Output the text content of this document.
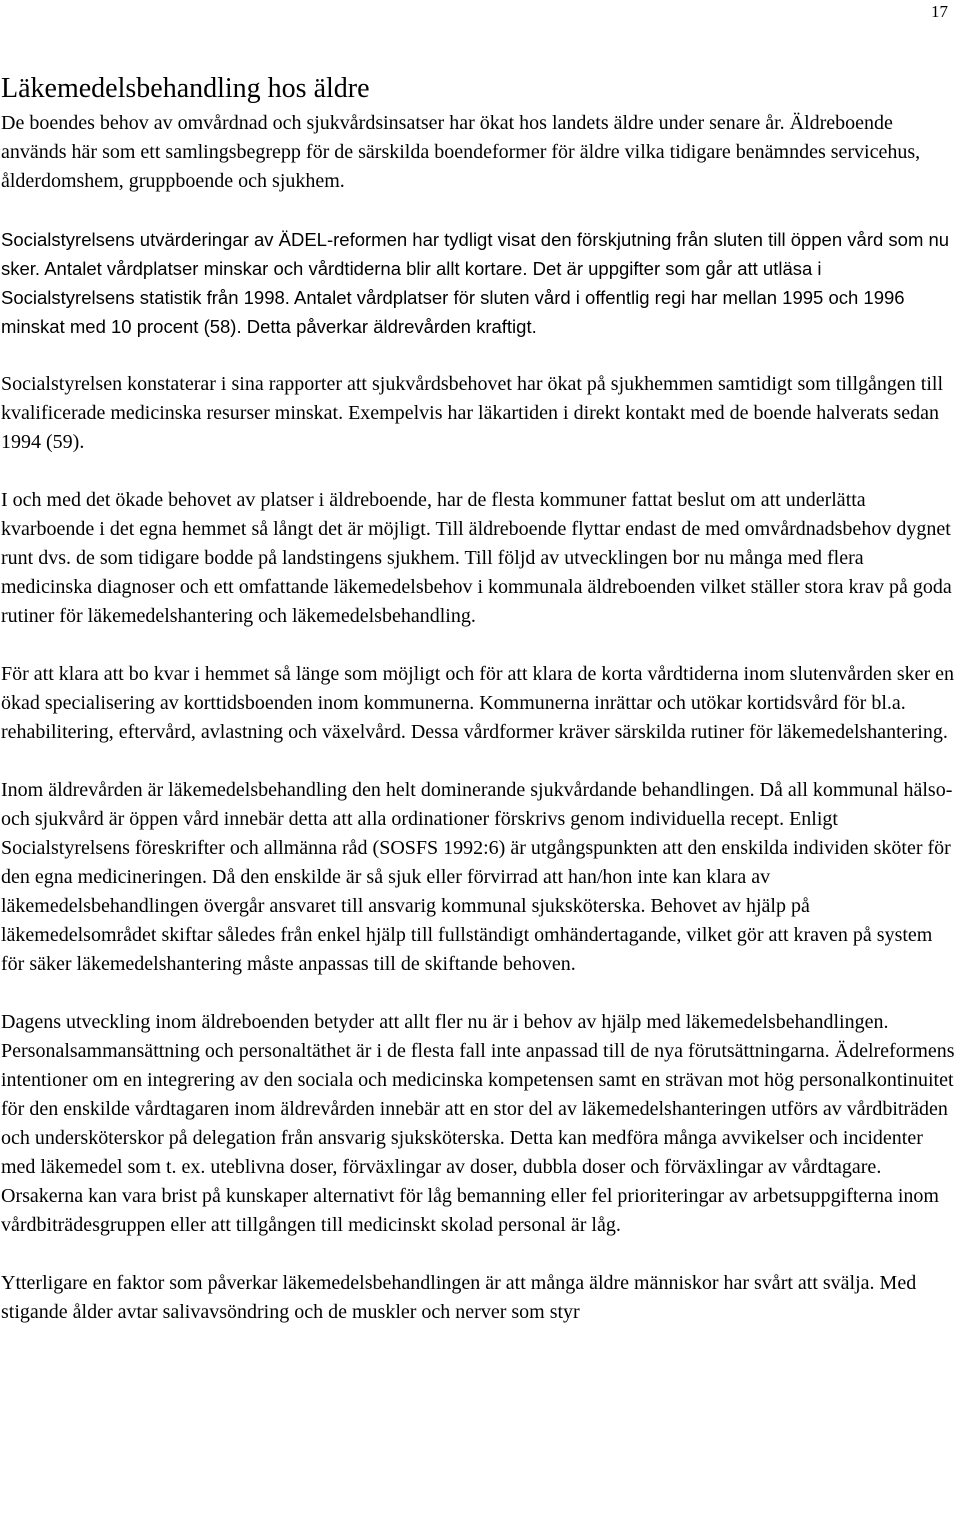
17
Läkemedelsbehandling hos äldre

De boendes behov av omvårdnad och sjukvårdsinsatser har ökat hos landets äldre under senare år. Äldreboende används här som ett samlingsbegrepp för de särskilda boendeformer för äldre vilka tidigare benämndes servicehus, ålderdomshem, gruppboende och sjukhem.

Socialstyrelsens utvärderingar av ÄDEL-reformen har tydligt visat den förskjutning från sluten till öppen vård som nu sker. Antalet vårdplatser minskar och vårdtiderna blir allt kortare. Det är uppgifter som går att utläsa i Socialstyrelsens statistik från 1998. Antalet vårdplatser för sluten vård i offentlig regi har mellan 1995 och 1996 minskat med 10 procent (58). Detta påverkar äldrevården kraftigt.

Socialstyrelsen konstaterar i sina rapporter att sjukvårdsbehovet har ökat på sjukhemmen samtidigt som tillgången till kvalificerade medicinska resurser minskat. Exempelvis har läkartiden i direkt kontakt med de boende halverats sedan 1994 (59).

I och med det ökade behovet av platser i äldreboende, har de flesta kommuner fattat beslut om att underlätta kvarboende i det egna hemmet så långt det är möjligt. Till äldreboende flyttar endast de med omvårdnadsbehov dygnet runt dvs. de som tidigare bodde på landstingens sjukhem. Till följd av utvecklingen bor nu många med flera medicinska diagnoser och ett omfattande läkemedelsbehov i kommunala äldreboenden vilket ställer stora krav på goda rutiner för läkemedelshantering och läkemedelsbehandling.

För att klara att bo kvar i hemmet så länge som möjligt och för att klara de korta vårdtiderna inom slutenvården sker en ökad specialisering av korttidsboenden inom kommunerna. Kommunerna inrättar och utökar kortidsvård för bl.a. rehabilitering, eftervård, avlastning och växelvård. Dessa vårdformer kräver särskilda rutiner för läkemedelshantering.

Inom äldrevården är läkemedelsbehandling den helt dominerande sjukvårdande behandlingen. Då all kommunal hälso- och sjukvård är öppen vård innebär detta att alla ordinationer förskrivs genom individuella recept. Enligt Socialstyrelsens föreskrifter och allmänna råd (SOSFS 1992:6) är utgångspunkten att den enskilda individen sköter för den egna medicineringen. Då den enskilde är så sjuk eller förvirrad att han/hon inte kan klara av läkemedelsbehandlingen övergår ansvaret till ansvarig kommunal sjuksköterska. Behovet av hjälp på läkemedelsområdet skiftar således från enkel hjälp till fullständigt omhändertagande, vilket gör att kraven på system för säker läkemedelshantering måste anpassas till de skiftande behoven.

Dagens utveckling inom äldreboenden betyder att allt fler nu är i behov av hjälp med läkemedelsbehandlingen. Personalsammansättning och personaltäthet är i de flesta fall inte anpassad till de nya förutsättningarna. Ädelreformens intentioner om en integrering av den sociala och medicinska kompetensen samt en strävan mot hög personalkontinuitet för den enskilde vårdtagaren inom äldrevården innebär att en stor del av läkemedelshanteringen utförs av vårdbiträden och undersköterskor på delegation från ansvarig sjuksköterska. Detta kan medföra många avvikelser och incidenter med läkemedel som t. ex. uteblivna doser, förväxlingar av doser, dubbla doser och förväxlingar av vårdtagare. Orsakerna kan vara brist på kunskaper alternativt för låg bemanning eller fel prioriteringar av arbetsuppgifterna inom vårdbiträdesgruppen eller att tillgången till medicinskt skolad personal är låg.

Ytterligare en faktor som påverkar läkemedelsbehandlingen är att många äldre människor har svårt att svälja. Med stigande ålder avtar salivavsöndring och de muskler och nerver som styr
